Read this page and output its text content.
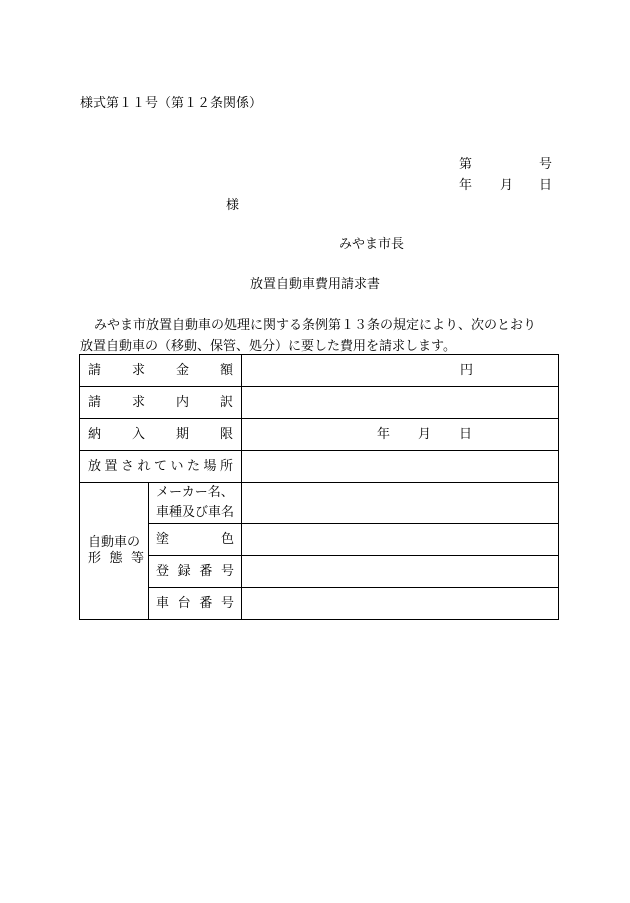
様式第１１号（第１２条関係）
第	号
年 月 日
様
みやま市長
放置自動車費用請求書
みやま市放置自動車の処理に関する条例第１３条の規定により、次のとおり
放置自動車の（移動、保管、処分）に要した費用を請求します。
請求金額		円
請求内訳		
納入期限		年 月 日
放置されていた場所		

自動車の
形態等	メーカー名、
車種及び車名	

	塗色	
	登録番号	
	車台番号	
